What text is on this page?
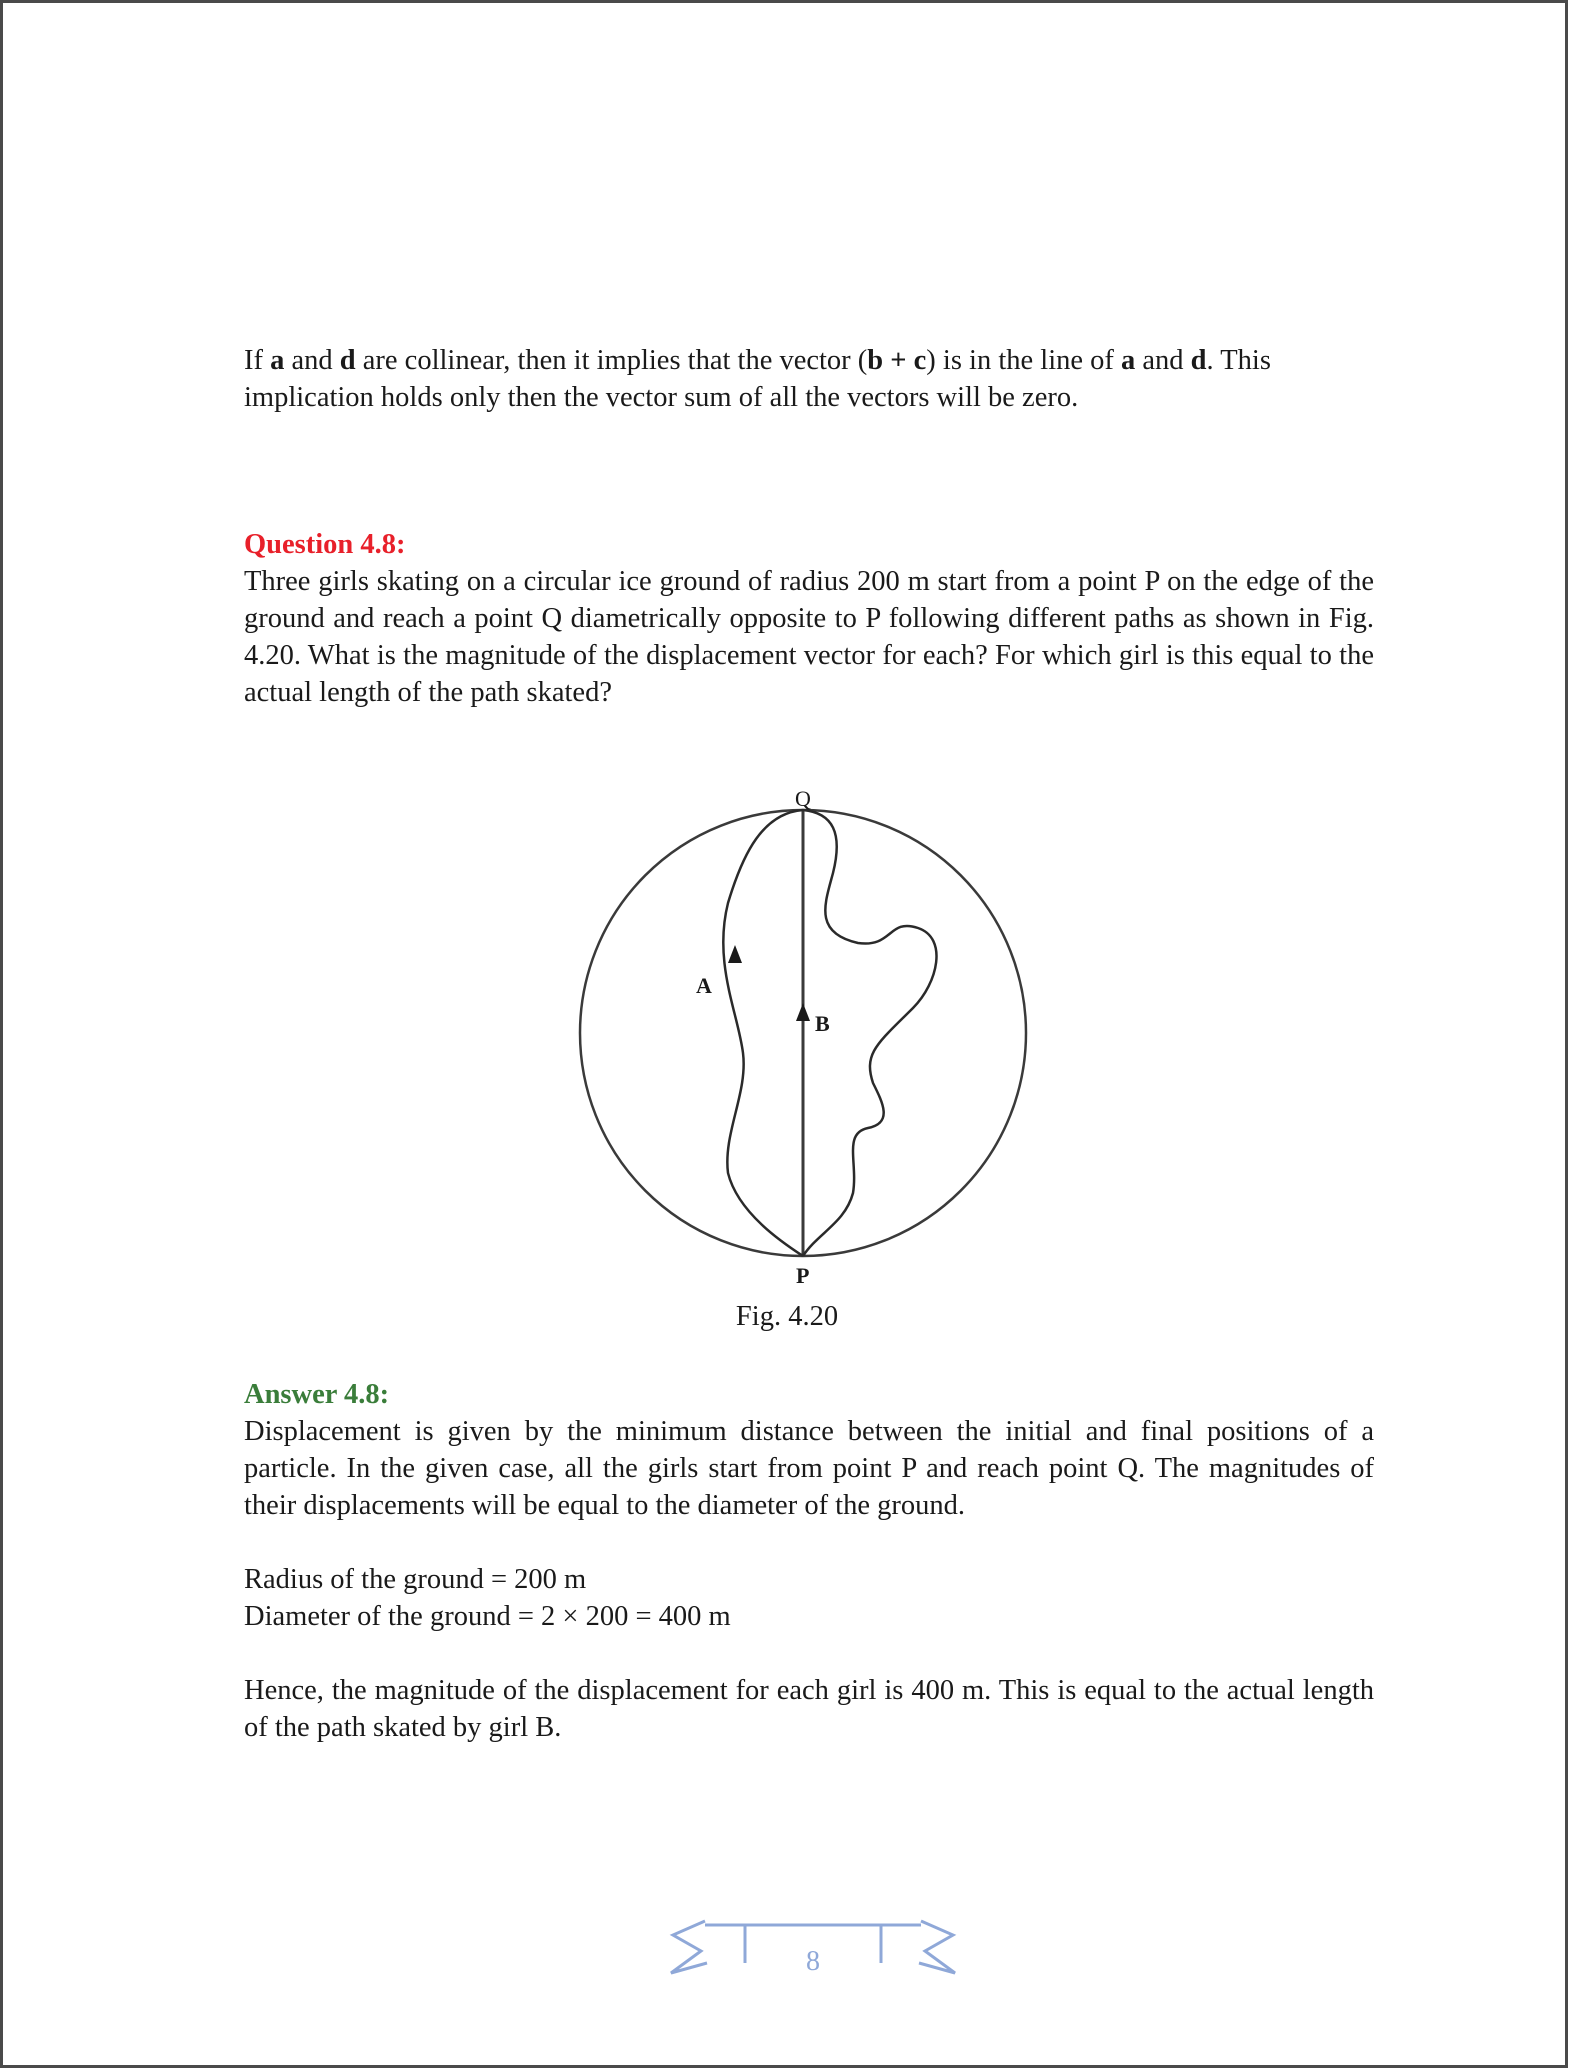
If a and d are collinear, then it implies that the vector (b + c) is in the line of a and d. This

implication holds only then the vector sum of all the vectors will be zero.

Question 4.8:

Three girls skating on a circular ice ground of radius 200 m start from a point P on the edge of the ground and reach a point Q diametrically opposite to P following different paths as shown in Fig. 4.20. What is the magnitude of the displacement vector for each? For which girl is this equal to the actual length of the path skated?

Q
P
A
B
Fig. 4.20

Answer 4.8:

Displacement is given by the minimum distance between the initial and final positions of a particle. In the given case, all the girls start from point P and reach point Q. The magnitudes of their displacements will be equal to the diameter of the ground.

Radius of the ground = 200 m

Diameter of the ground = 2 × 200 = 400 m

Hence, the magnitude of the displacement for each girl is 400 m. This is equal to the actual length of the path skated by girl B.

8
